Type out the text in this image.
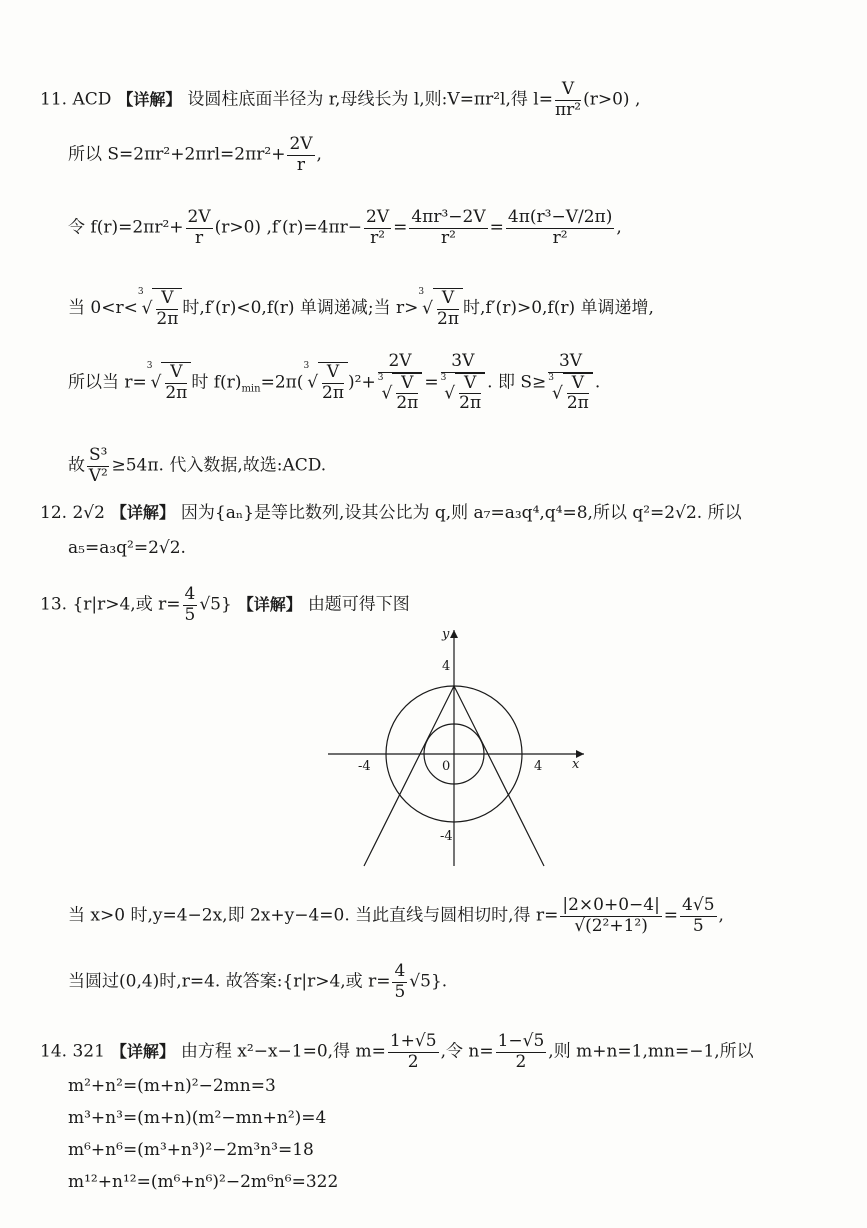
11. ACD 【详解】 设圆柱底面半径为 r,母线长为 l,则:V=πr²l,得 $l= \frac{V}{\text{πr²}} (r>0)$ ,
所以 $S=2\pi r^2+2\pi rl=2\pi r^2+ \frac{2V}{r}$ ,
令 $f(r)=2\pi r^2+ \frac{2V}{r} (r>0)$ $,f'(r)=4\pi r- \frac{2V}{\text{r²}} = \frac{\text{4πr³−2V}}{\text{r²}} = \frac{\text{4π(r³−V/2π)}}{\text{r²}}$ ,
当 $0<r<^3√ \frac{V}{2\pi}$ 时,f′(r)<0,f(r) 单调递减;当 $r>^3√ \frac{V}{2\pi}$ 时,f′(r)>0,f(r) 单调递增,
所以当 $r=^3√ \frac{V}{2\pi}$ 时 $f(r)_{min}=2\pi(^3√ \frac{V}{2\pi} )^2+ \frac{2V}{^3√ \frac{V}{2\pi}} = \frac{3V}{^3√ \frac{V}{2\pi}}$ . 即 $S\ge \frac{3V}{^3√ \frac{V}{2\pi}}$ .
故 $\frac{\text{S³}}{\text{V²}} \ge 54\pi$. 代入数据,故选:ACD.
12. 2√2 【详解】 因为{aₙ}是等比数列,设其公比为 q,则 a₇=a₃q⁴,q⁴=8,所以 q²=2√2. 所以
a₅=a₃q²=2√2.
13. {r|r>4,或 $r= \frac{4}{5} √5$} 【详解】 由题可得下图
y
x
0
4
-4
-4	4
当 x>0 时,y=4−2x,即 2x+y−4=0. 当此直线与圆相切时,得 $r= \frac{|2\times 0+0-4|}{\text{√(2²+1²)}} = \frac{4√5}{5}$ ,
当圆过(0,4)时,r=4. 故答案:{r|r>4,或 $r= \frac{4}{5} √5$}.
14. 321 【详解】 由方程 x²−x−1=0,得 $m= \frac{1+√5}{2}$ ,令 $n= \frac{1-√5}{2}$ ,则 m+n=1,mn=−1,所以
m²+n²=(m+n)²−2mn=3
m³+n³=(m+n)(m²−mn+n²)=4
m⁶+n⁶=(m³+n³)²−2m³n³=18
m¹²+n¹²=(m⁶+n⁶)²−2m⁶n⁶=322
